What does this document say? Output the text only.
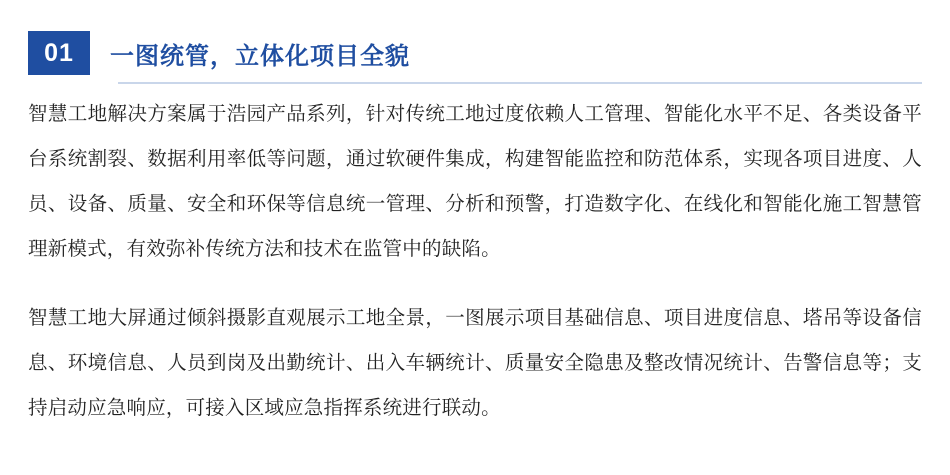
01	一图统管，立体化项目全貌

智慧工地解决方案属于浩园产品系列，针对传统工地过度依赖人工管理、智能化水平不足、各类设备平台系统割裂、数据利用率低等问题，通过软硬件集成，构建智能监控和防范体系，实现各项目进度、人员、设备、质量、安全和环保等信息统一管理、分析和预警，打造数字化、在线化和智能化施工智慧管理新模式，有效弥补传统方法和技术在监管中的缺陷。

智慧工地大屏通过倾斜摄影直观展示工地全景，一图展示项目基础信息、项目进度信息、塔吊等设备信息、环境信息、人员到岗及出勤统计、出入车辆统计、质量安全隐患及整改情况统计、告警信息等；支持启动应急响应，可接入区域应急指挥系统进行联动。
